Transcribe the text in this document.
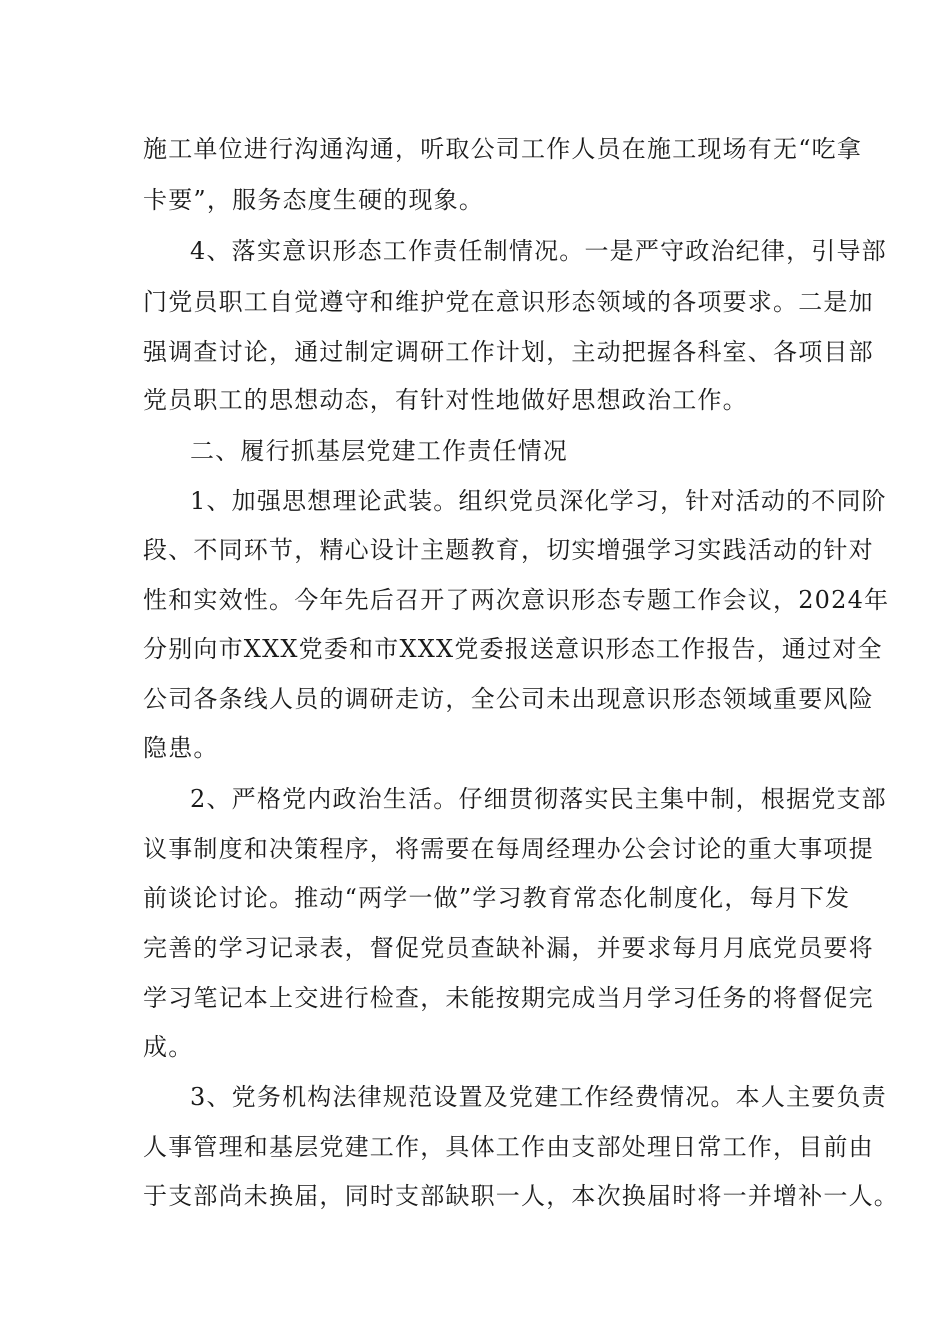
施工单位进行沟通沟通，听取公司工作人员在施工现场有无“吃拿

卡要”，服务态度生硬的现象。

4、落实意识形态工作责任制情况。一是严守政治纪律，引导部

门党员职工自觉遵守和维护党在意识形态领域的各项要求。二是加

强调查讨论，通过制定调研工作计划，主动把握各科室、各项目部

党员职工的思想动态，有针对性地做好思想政治工作。

二、履行抓基层党建工作责任情况

1、加强思想理论武装。组织党员深化学习，针对活动的不同阶

段、不同环节，精心设计主题教育，切实增强学习实践活动的针对

性和实效性。今年先后召开了两次意识形态专题工作会议，2024年

分别向市XXX党委和市XXX党委报送意识形态工作报告，通过对全

公司各条线人员的调研走访，全公司未出现意识形态领域重要风险

隐患。

2、严格党内政治生活。仔细贯彻落实民主集中制，根据党支部

议事制度和决策程序，将需要在每周经理办公会讨论的重大事项提

前谈论讨论。推动“两学一做”学习教育常态化制度化，每月下发

完善的学习记录表，督促党员查缺补漏，并要求每月月底党员要将

学习笔记本上交进行检查，未能按期完成当月学习任务的将督促完

成。

3、党务机构法律规范设置及党建工作经费情况。本人主要负责

人事管理和基层党建工作，具体工作由支部处理日常工作，目前由

于支部尚未换届，同时支部缺职一人，本次换届时将一并增补一人。
